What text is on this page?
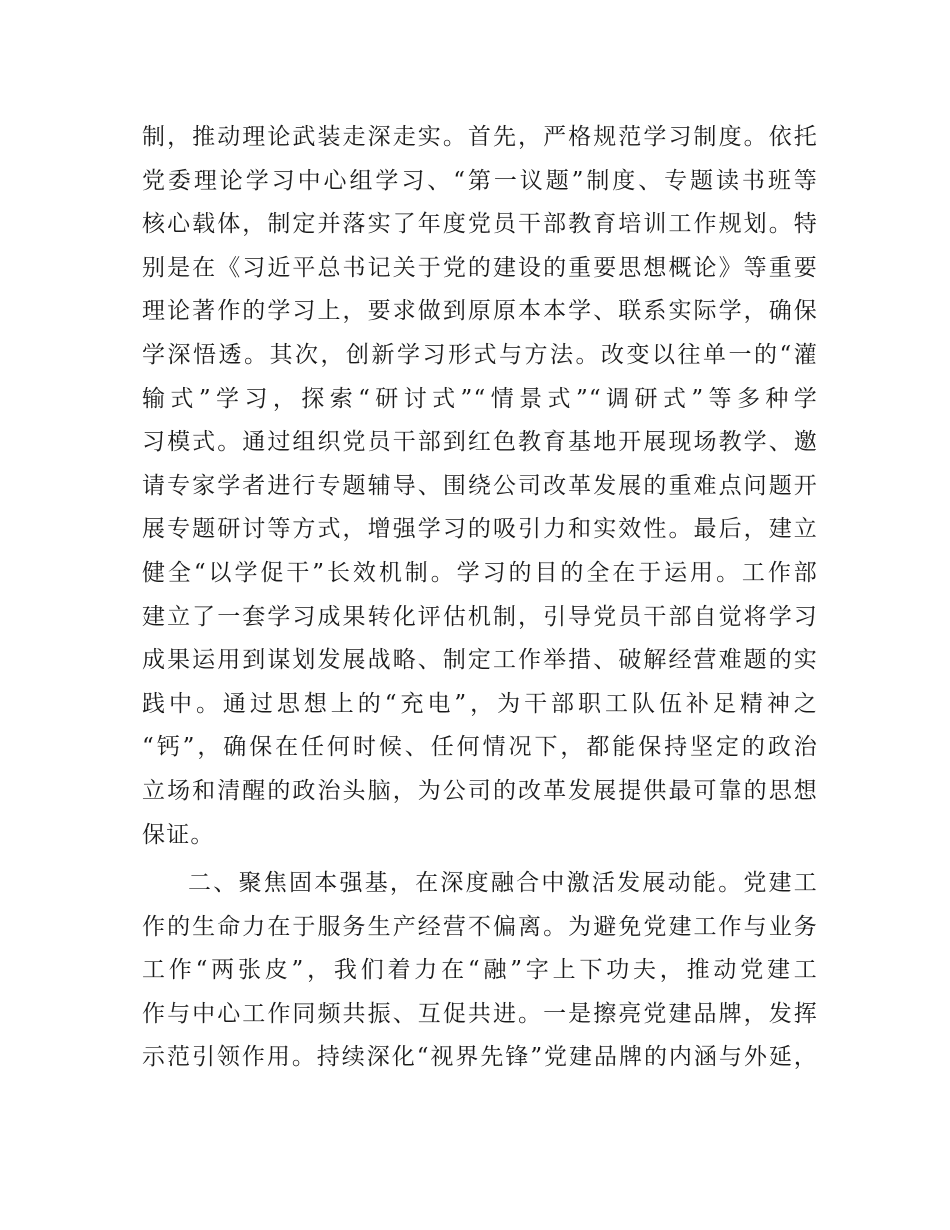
制，推动理论武装走深走实。首先，严格规范学习制度。依托
党委理论学习中心组学习、“第一议题”制度、专题读书班等
核心载体，制定并落实了年度党员干部教育培训工作规划。特
别是在《习近平总书记关于党的建设的重要思想概论》等重要
理论著作的学习上，要求做到原原本本学、联系实际学，确保
学深悟透。其次，创新学习形式与方法。改变以往单一的“灌
输式”学习，探索“研讨式”“情景式”“调研式”等多种学
习模式。通过组织党员干部到红色教育基地开展现场教学、邀
请专家学者进行专题辅导、围绕公司改革发展的重难点问题开
展专题研讨等方式，增强学习的吸引力和实效性。最后，建立
健全“以学促干”长效机制。学习的目的全在于运用。工作部
建立了一套学习成果转化评估机制，引导党员干部自觉将学习
成果运用到谋划发展战略、制定工作举措、破解经营难题的实
践中。通过思想上的“充电”，为干部职工队伍补足精神之
“钙”，确保在任何时候、任何情况下，都能保持坚定的政治
立场和清醒的政治头脑，为公司的改革发展提供最可靠的思想
保证。
二、聚焦固本强基，在深度融合中激活发展动能。党建工
作的生命力在于服务生产经营不偏离。为避免党建工作与业务
工作“两张皮”，我们着力在“融”字上下功夫，推动党建工
作与中心工作同频共振、互促共进。一是擦亮党建品牌，发挥
示范引领作用。持续深化“视界先锋”党建品牌的内涵与外延，
